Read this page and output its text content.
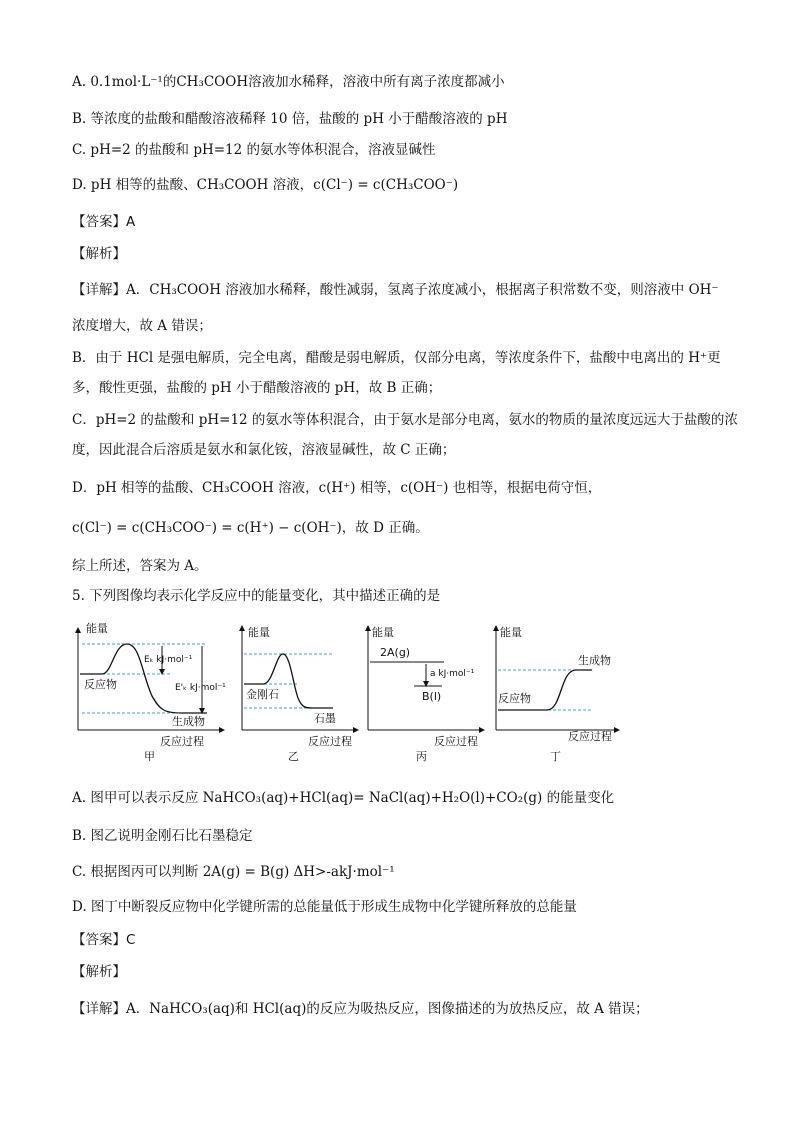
A. 0.1mol·L⁻¹的CH₃COOH溶液加水稀释，溶液中所有离子浓度都减小
B. 等浓度的盐酸和醋酸溶液稀释 10 倍，盐酸的 pH 小于醋酸溶液的 pH
C. pH=2 的盐酸和 pH=12 的氨水等体积混合，溶液显碱性
D. pH 相等的盐酸、CH₃COOH 溶液，c(Cl⁻) = c(CH₃COO⁻)
【答案】A
【解析】
【详解】A．CH₃COOH 溶液加水稀释，酸性减弱，氢离子浓度减小，根据离子积常数不变，则溶液中 OH⁻
浓度增大，故 A 错误；
B．由于 HCl 是强电解质，完全电离，醋酸是弱电解质，仅部分电离，等浓度条件下，盐酸中电离出的 H⁺更
多，酸性更强，盐酸的 pH 小于醋酸溶液的 pH，故 B 正确；
C．pH=2 的盐酸和 pH=12 的氨水等体积混合，由于氨水是部分电离，氨水的物质的量浓度远远大于盐酸的浓
度，因此混合后溶质是氨水和氯化铵，溶液显碱性，故 C 正确；
D．pH 相等的盐酸、CH₃COOH 溶液，c(H⁺) 相等，c(OH⁻) 也相等，根据电荷守恒，
c(Cl⁻) = c(CH₃COO⁻) = c(H⁺) − c(OH⁻)，故 D 正确。
综上所述，答案为 A。
5. 下列图像均表示化学反应中的能量变化，其中描述正确的是
能量
反应过程
Eₖ kJ·mol⁻¹
E'ₖ kJ·mol⁻¹
反应物
生成物
甲
能量
反应过程
金刚石
石墨
乙
能量
反应过程
2A(g)
B(l)
a kJ·mol⁻¹
丙
能量
反应过程
反应物
生成物
丁
A. 图甲可以表示反应 NaHCO₃(aq)+HCl(aq)= NaCl(aq)+H₂O(l)+CO₂(g) 的能量变化
B. 图乙说明金刚石比石墨稳定
C. 根据图丙可以判断 2A(g) = B(g) ΔH>-akJ·mol⁻¹
D. 图丁中断裂反应物中化学键所需的总能量低于形成生成物中化学键所释放的总能量
【答案】C
【解析】
【详解】A．NaHCO₃(aq)和 HCl(aq)的反应为吸热反应，图像描述的为放热反应，故 A 错误；
